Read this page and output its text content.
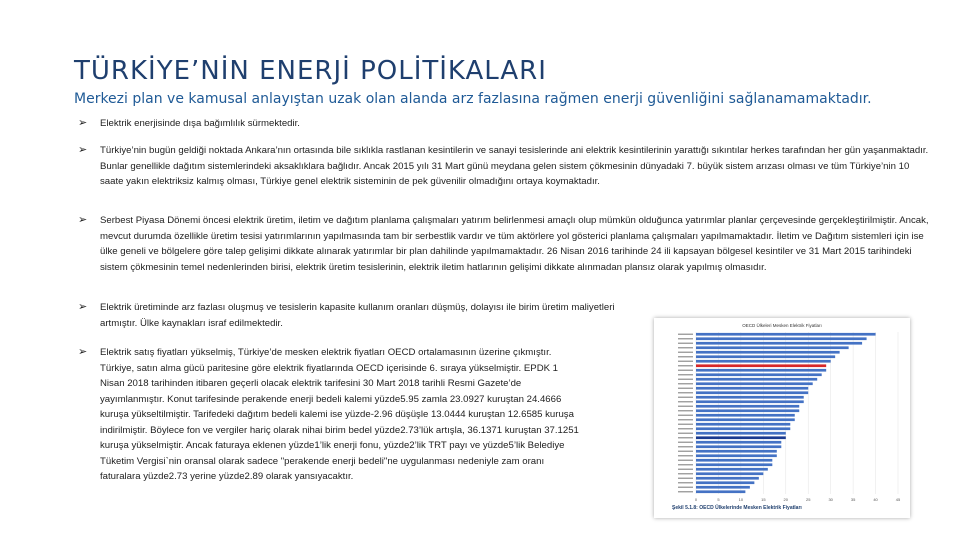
TÜRKİYE’NİN ENERJİ POLİTİKALARI

Merkezi plan ve kamusal anlayıştan uzak olan alanda arz fazlasına rağmen enerji güvenliğini sağlanamamaktadır.

➢ Elektrik enerjisinde dışa bağımlılık sürmektedir.
➢ Türkiye’nin bugün geldiği noktada Ankara’nın ortasında bile sıklıkla rastlanan kesintilerin ve sanayi tesislerinde ani elektrik kesintilerinin yarattığı sıkıntılar herkes tarafından her gün yaşanmaktadır. Bunlar genellikle dağıtım sistemlerindeki aksaklıklara bağlıdır. Ancak 2015 yılı 31 Mart günü meydana gelen sistem çökmesinin dünyadaki 7. büyük sistem arızası olması ve tüm Türkiye’nin 10 saate yakın elektriksiz kalmış olması, Türkiye genel elektrik sisteminin de pek güvenilir olmadığını ortaya koymaktadır.
➢ Serbest Piyasa Dönemi öncesi elektrik üretim, iletim ve dağıtım planlama çalışmaları yatırım belirlenmesi amaçlı olup mümkün olduğunca yatırımlar planlar çerçevesinde gerçekleştirilmiştir. Ancak, mevcut durumda özellikle üretim tesisi yatırımlarının yapılmasında tam bir serbestlik vardır ve tüm aktörlere yol gösterici planlama çalışmaları yapılmamaktadır. İletim ve Dağıtım sistemleri için ise ülke geneli ve bölgelere göre talep gelişimi dikkate alınarak yatırımlar bir plan dahilinde yapılmamaktadır. 26 Nisan 2016 tarihinde 24 ili kapsayan bölgesel kesintiler ve 31 Mart 2015 tarihindeki sistem çökmesinin temel nedenlerinden birisi, elektrik üretim tesislerinin, elektrik iletim hatlarının gelişimi dikkate alınmadan plansız olarak yapılmış olmasıdır.
➢ Elektrik üretiminde arz fazlası oluşmuş ve tesislerin kapasite kullanım oranları düşmüş, dolayısı ile birim üretim maliyetleri artmıştır. Ülke kaynakları israf edilmektedir.
➢ Elektrik satış fiyatları yükselmiş, Türkiye’de mesken elektrik fiyatları OECD ortalamasının üzerine çıkmıştır. Türkiye, satın alma gücü paritesine göre elektrik fiyatlarında OECD içerisinde 6. sıraya yükselmiştir. EPDK 1 Nisan 2018 tarihinden itibaren geçerli olacak elektrik tarifesini 30 Mart 2018 tarihli Resmi Gazete’de yayımlanmıştır. Konut tarifesinde perakende enerji bedeli kalemi yüzde5.95 zamla 23.0927 kuruştan 24.4666 kuruşa yükseltilmiştir. Tarifedeki dağıtım bedeli kalemi ise yüzde-2.96 düşüşle 13.0444 kuruştan 12.6585 kuruşa indirilmiştir. Böylece fon ve vergiler hariç olarak nihai birim bedel yüzde2.73’lük artışla, 36.1371 kuruştan 37.1251 kuruşa yükselmiştir. Ancak faturaya eklenen yüzde1’lik enerji fonu, yüzde2’lik TRT payı ve yüzde5’lik Belediye Tüketim Vergisi`nin oransal olarak sadece "perakende enerji bedeli"ne uygulanması nedeniyle zam oranı faturalara yüzde2.73 yerine yüzde2.89 olarak yansıyacaktır.
OECD Ülkeleri Mesken Elektrik Fiyatları
0	5	10	15	20	25	30	35	40	45
Şekil 5.1.8: OECD Ülkelerinde Mesken Elektrik Fiyatları
